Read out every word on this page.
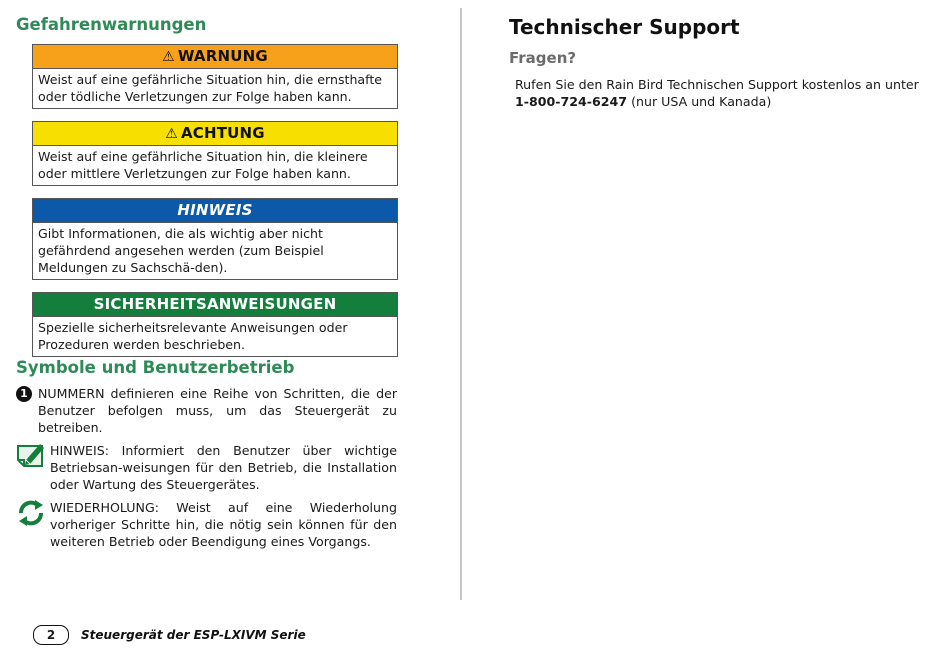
Gefahrenwarnungen
⚠ WARNUNG
Weist auf eine gefährliche Situation hin, die ernsthafte oder tödliche Verletzungen zur Folge haben kann.
⚠ ACHTUNG
Weist auf eine gefährliche Situation hin, die kleinere oder mittlere Verletzungen zur Folge haben kann.
HINWEIS
Gibt Informationen, die als wichtig aber nicht gefährdend angesehen werden (zum Beispiel Meldungen zu Sachschä-den).
SICHERHEITSANWEISUNGEN
Spezielle sicherheitsrelevante Anweisungen oder Prozeduren werden beschrieben.
Symbole und Benutzerbetrieb
1 NUMMERN definieren eine Reihe von Schritten, die der Benutzer befolgen muss, um das Steuergerät zu betreiben.
HINWEIS: Informiert den Benutzer über wichtige Betriebsan-weisungen für den Betrieb, die Installation oder Wartung des Steuergerätes.
WIEDERHOLUNG: Weist auf eine Wiederholung vorheriger Schritte hin, die nötig sein können für den weiteren Betrieb oder Beendigung eines Vorgangs.
Technischer Support
Fragen?
Rufen Sie den Rain Bird Technischen Support kostenlos an unter
1-800-724-6247 (nur USA und Kanada)
2	Steuergerät der ESP-LXIVM Serie
